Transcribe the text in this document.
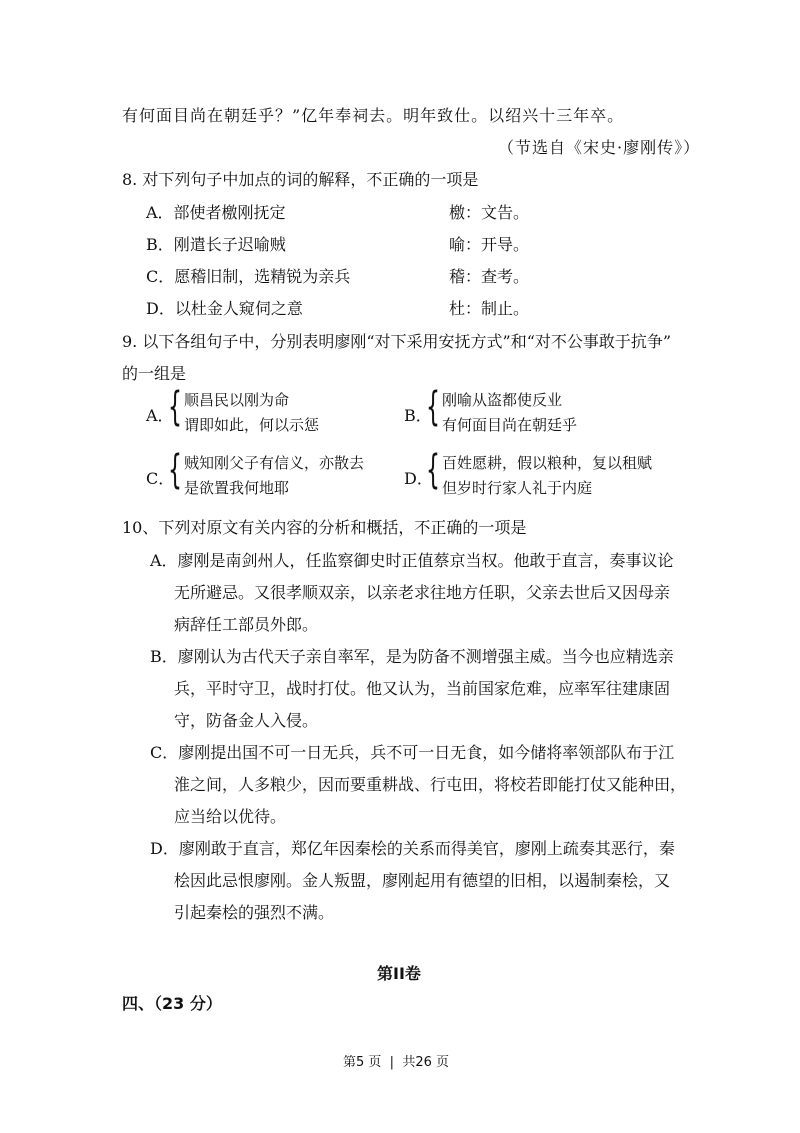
有何面目尚在朝廷乎？”亿年奉祠去。明年致仕。以绍兴十三年卒。
（节选自《宋史·廖刚传》）
8. 对下列句子中加点的词的解释，不正确的一项是
A．部使者檄刚抚定	檄：文告。
B．刚遣长子迟喻贼	喻：开导。
C．愿稽旧制，选精锐为亲兵	稽：查考。
D．以杜金人窥伺之意	杜：制止。
9. 以下各组句子中，分别表明廖刚“对下采用安抚方式”和“对不公事敢于抗争”
的一组是
A．
{ 顺昌民以刚为命
谓即如此，何以示惩	B．
{ 刚喻从盗都使反业
有何面目尚在朝廷乎
C．
{ 贼知刚父子有信义，亦散去
是欲置我何地耶	D．
{ 百姓愿耕，假以粮种，复以租赋
但岁时行家人礼于内庭
10、下列对原文有关内容的分析和概括，不正确的一项是
A．廖刚是南剑州人，任监察御史时正值蔡京当权。他敢于直言，奏事议论
无所避忌。又很孝顺双亲，以亲老求往地方任职，父亲去世后又因母亲
病辞任工部员外郎。
B．廖刚认为古代天子亲自率军，是为防备不测增强主威。当今也应精选亲
兵，平时守卫，战时打仗。他又认为，当前国家危难，应率军往建康固
守，防备金人入侵。
C．廖刚提出国不可一日无兵，兵不可一日无食，如今储将率领部队布于江
淮之间，人多粮少，因而要重耕战、行屯田，将校若即能打仗又能种田，
应当给以优待。
D．廖刚敢于直言，郑亿年因秦桧的关系而得美官，廖刚上疏奏其恶行，秦
桧因此忌恨廖刚。金人叛盟，廖刚起用有德望的旧相，以遏制秦桧，又
引起秦桧的强烈不满。
第II卷
四、（23 分）
第5 页  |  共26 页
